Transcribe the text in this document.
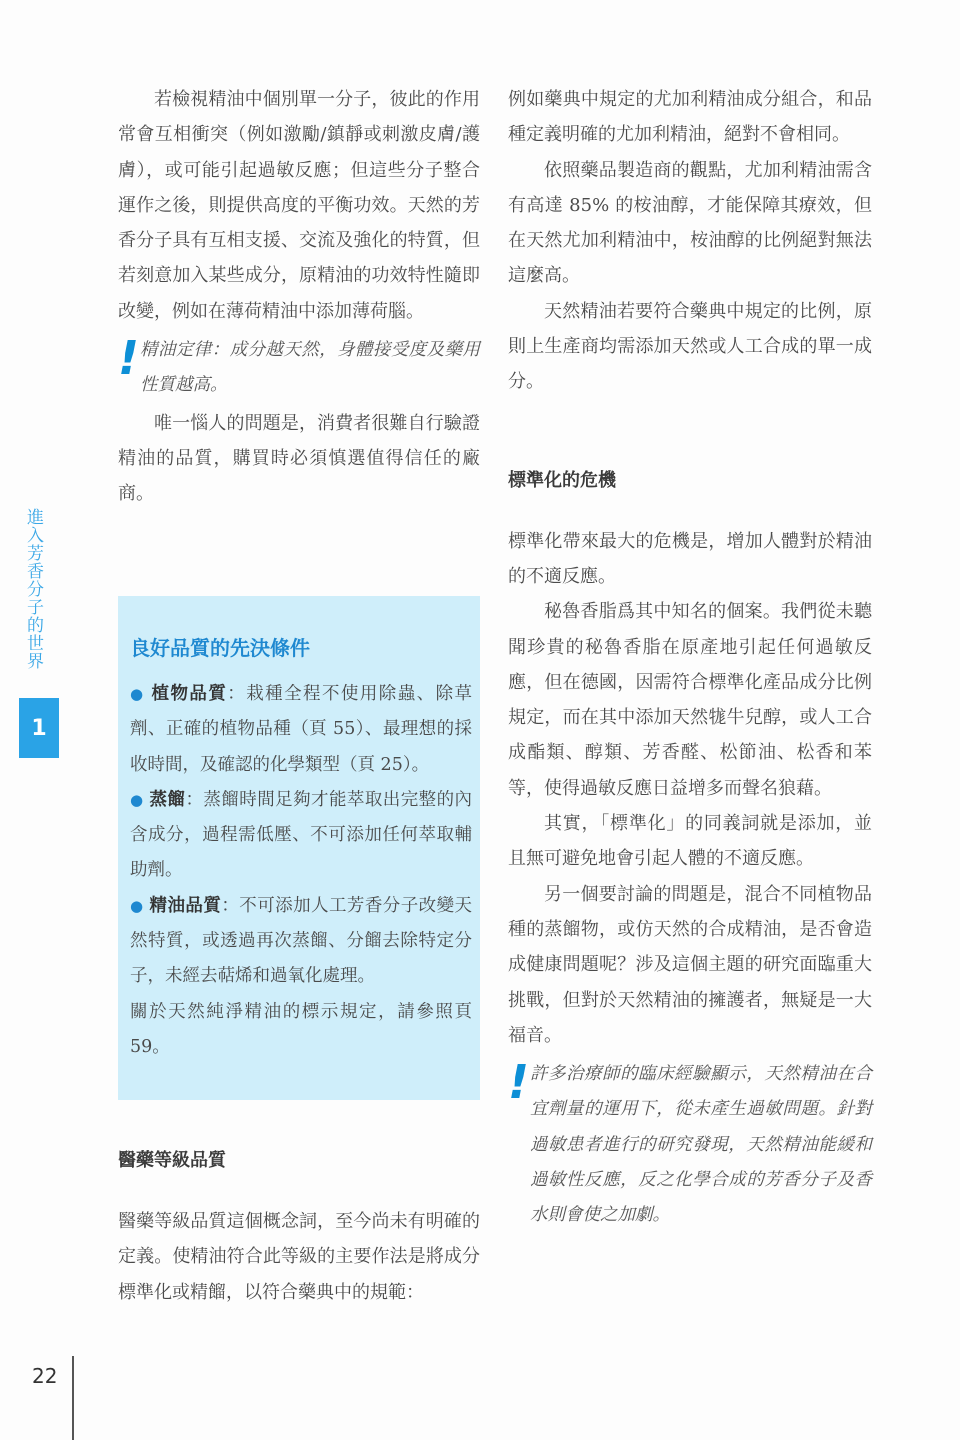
進入芳香分子的世界
1

若檢視精油中個別單一分子，彼此的作用常會互相衝突（例如激勵/鎮靜或刺激皮膚/護膚），或可能引起過敏反應；但這些分子整合運作之後，則提供高度的平衡功效。天然的芳香分子具有互相支援、交流及強化的特質，但若刻意加入某些成分，原精油的功效特性隨即改變，例如在薄荷精油中添加薄荷腦。

! 精油定律：成分越天然，身體接受度及藥用性質越高。

唯一惱人的問題是，消費者很難自行驗證精油的品質，購買時必須慎選值得信任的廠商。

良好品質的先決條件

● 植物品質：栽種全程不使用除蟲、除草劑、正確的植物品種（頁 55）、最理想的採收時間，及確認的化學類型（頁 25）。

● 蒸餾：蒸餾時間足夠才能萃取出完整的內含成分，過程需低壓、不可添加任何萃取輔助劑。

● 精油品質：不可添加人工芳香分子改變天然特質，或透過再次蒸餾、分餾去除特定分子，未經去萜烯和過氧化處理。

關於天然純淨精油的標示規定，請參照頁 59。

醫藥等級品質

醫藥等級品質這個概念詞，至今尚未有明確的定義。使精油符合此等級的主要作法是將成分標準化或精餾，以符合藥典中的規範：

例如藥典中規定的尤加利精油成分組合，和品種定義明確的尤加利精油，絕對不會相同。

依照藥品製造商的觀點，尤加利精油需含有高達 85% 的桉油醇，才能保障其療效，但在天然尤加利精油中，桉油醇的比例絕對無法這麼高。

天然精油若要符合藥典中規定的比例，原則上生產商均需添加天然或人工合成的單一成分。

標準化的危機

標準化帶來最大的危機是，增加人體對於精油的不適反應。

秘魯香脂爲其中知名的個案。我們從未聽聞珍貴的秘魯香脂在原產地引起任何過敏反應，但在德國，因需符合標準化產品成分比例規定，而在其中添加天然牻牛兒醇，或人工合成酯類、醇類、芳香醛、松節油、松香和苯等，使得過敏反應日益增多而聲名狼藉。

其實，「標準化」的同義詞就是添加，並且無可避免地會引起人體的不適反應。

另一個要討論的問題是，混合不同植物品種的蒸餾物，或仿天然的合成精油，是否會造成健康問題呢？涉及這個主題的研究面臨重大挑戰，但對於天然精油的擁護者，無疑是一大福音。

! 許多治療師的臨床經驗顯示，天然精油在合宜劑量的運用下，從未產生過敏問題。針對過敏患者進行的研究發現，天然精油能緩和過敏性反應，反之化學合成的芳香分子及香水則會使之加劇。

22
